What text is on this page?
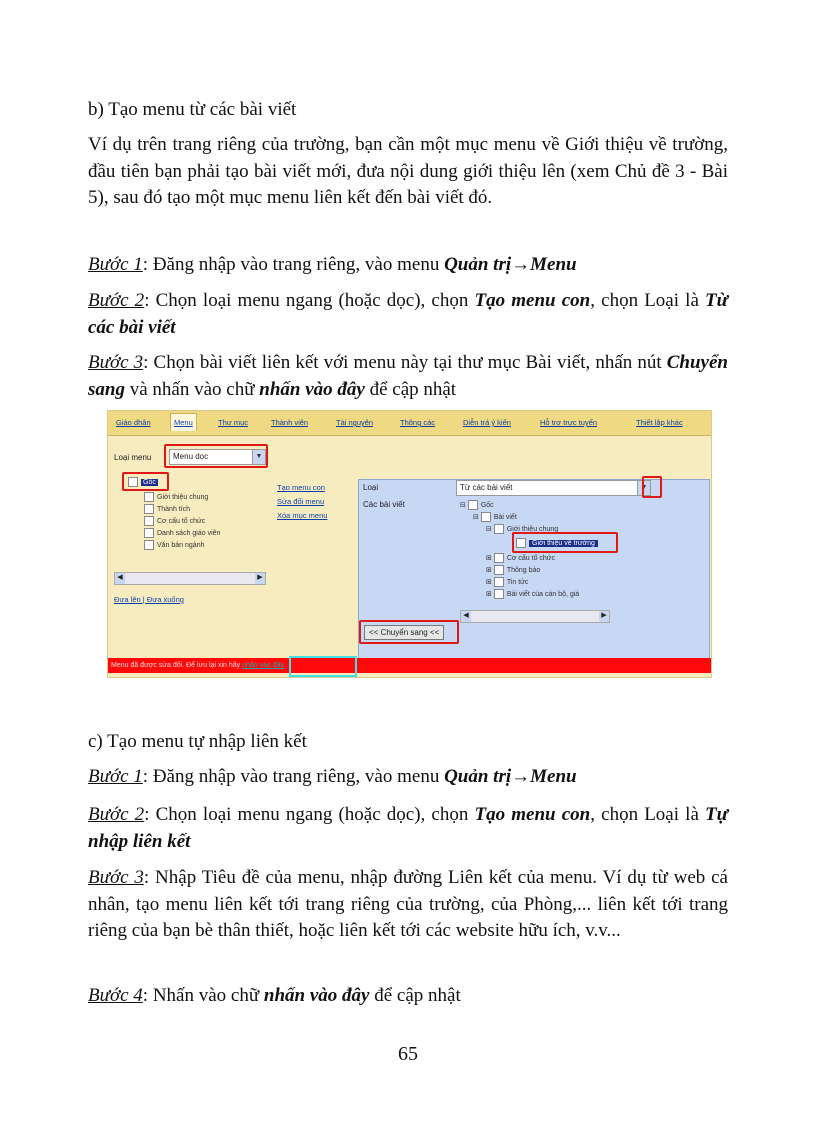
b) Tạo menu từ các bài viết
Ví dụ trên trang riêng của trường, bạn cần một mục menu về Giới thiệu về trường, đầu tiên bạn phải tạo bài viết mới, đưa nội dung giới thiệu lên (xem Chủ đề 3 - Bài 5), sau đó tạo một mục menu liên kết đến bài viết đó.
Bước 1: Đăng nhập vào trang riêng, vào menu Quản trị→Menu
Bước 2: Chọn loại menu ngang (hoặc dọc), chọn Tạo menu con, chọn Loại là Từ các bài viết
Bước 3: Chọn bài viết liên kết với menu này tại thư mục Bài viết, nhấn nút Chuyển sang và nhấn vào chữ nhấn vào đây để cập nhật
Giáo dhân	Menu	Thư mục	Thành viên	Tài nguyên	Thông các	Diễn trả ý kiến	Hỗ trợ trực tuyến	Thiết lập khác
Loại menu	Menu dọc	▼
Gốc
Giới thiệu chung
Thành tích
Cơ cấu tổ chức
Danh sách giáo viên
Văn bản ngành
◀	▶
Đưa lên | Đưa xuống
Tạo menu con
Sửa đổi menu
Xóa mục menu
Loại	Từ các bài viết	▼
Các bài viết	⊟ Gốc
⊟ Bài viết
⊟ Giới thiệu chung
Giới thiệu về trường
⊞ Cơ cấu tổ chức
⊞ Thông báo
⊞ Tin tức
⊞ Bài viết của cán bộ, giá
◀	▶
<< Chuyển sang <<
Menu đã được sửa đổi. Để lưu lại xin hãy nhấn vào đây
c) Tạo menu tự nhập liên kết
Bước 1: Đăng nhập vào trang riêng, vào menu Quản trị→Menu
Bước 2: Chọn loại menu ngang (hoặc dọc), chọn Tạo menu con, chọn Loại là Tự nhập liên kết
Bước 3: Nhập Tiêu đề của menu, nhập đường Liên kết của menu. Ví dụ từ web cá nhân, tạo menu liên kết tới trang riêng của trường, của Phòng,... liên kết tới trang riêng của bạn bè thân thiết, hoặc liên kết tới các website hữu ích, v.v...
Bước 4: Nhấn vào chữ nhấn vào đây để cập nhật
65
